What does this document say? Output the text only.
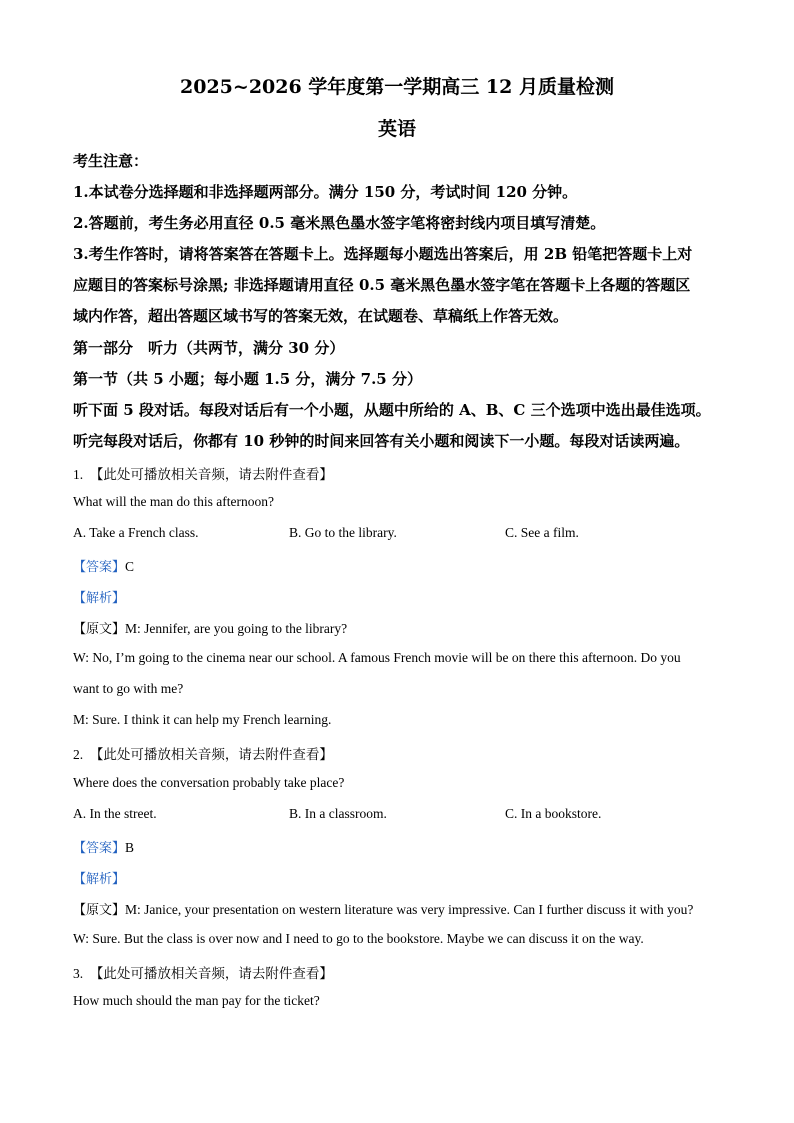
2025~2026 学年度第一学期高三 12 月质量检测
英语
考生注意：
1.本试卷分选择题和非选择题两部分。满分 150 分，考试时间 120 分钟。
2.答题前，考生务必用直径 0.5 毫米黑色墨水签字笔将密封线内项目填写清楚。
3.考生作答时，请将答案答在答题卡上。选择题每小题选出答案后，用 2B 铅笔把答题卡上对
应题目的答案标号涂黑; 非选择题请用直径 0.5 毫米黑色墨水签字笔在答题卡上各题的答题区
域内作答，超出答题区域书写的答案无效，在试题卷、草稿纸上作答无效。
第一部分　听力（共两节，满分 30 分）
第一节（共 5 小题；每小题 1.5 分，满分 7.5 分）
听下面 5 段对话。每段对话后有一个小题，从题中所给的 A、B、C 三个选项中选出最佳选项。
听完每段对话后，你都有 10 秒钟的时间来回答有关小题和阅读下一小题。每段对话读两遍。
1.　【此处可播放相关音频，请去附件查看】
What will the man do this afternoon?
A. Take a French class.	B. Go to the library.	C. See a film.
【答案】C
【解析】
【原文】M: Jennifer, are you going to the library?
W: No, I’m going to the cinema near our school. A famous French movie will be on there this afternoon. Do you
want to go with me?
M: Sure. I think it can help my French learning.
2.　【此处可播放相关音频，请去附件查看】
Where does the conversation probably take place?
A. In the street.	B. In a classroom.	C. In a bookstore.
【答案】B
【解析】
【原文】M: Janice, your presentation on western literature was very impressive. Can I further discuss it with you?
W: Sure. But the class is over now and I need to go to the bookstore. Maybe we can discuss it on the way.
3.　【此处可播放相关音频，请去附件查看】
How much should the man pay for the ticket?
